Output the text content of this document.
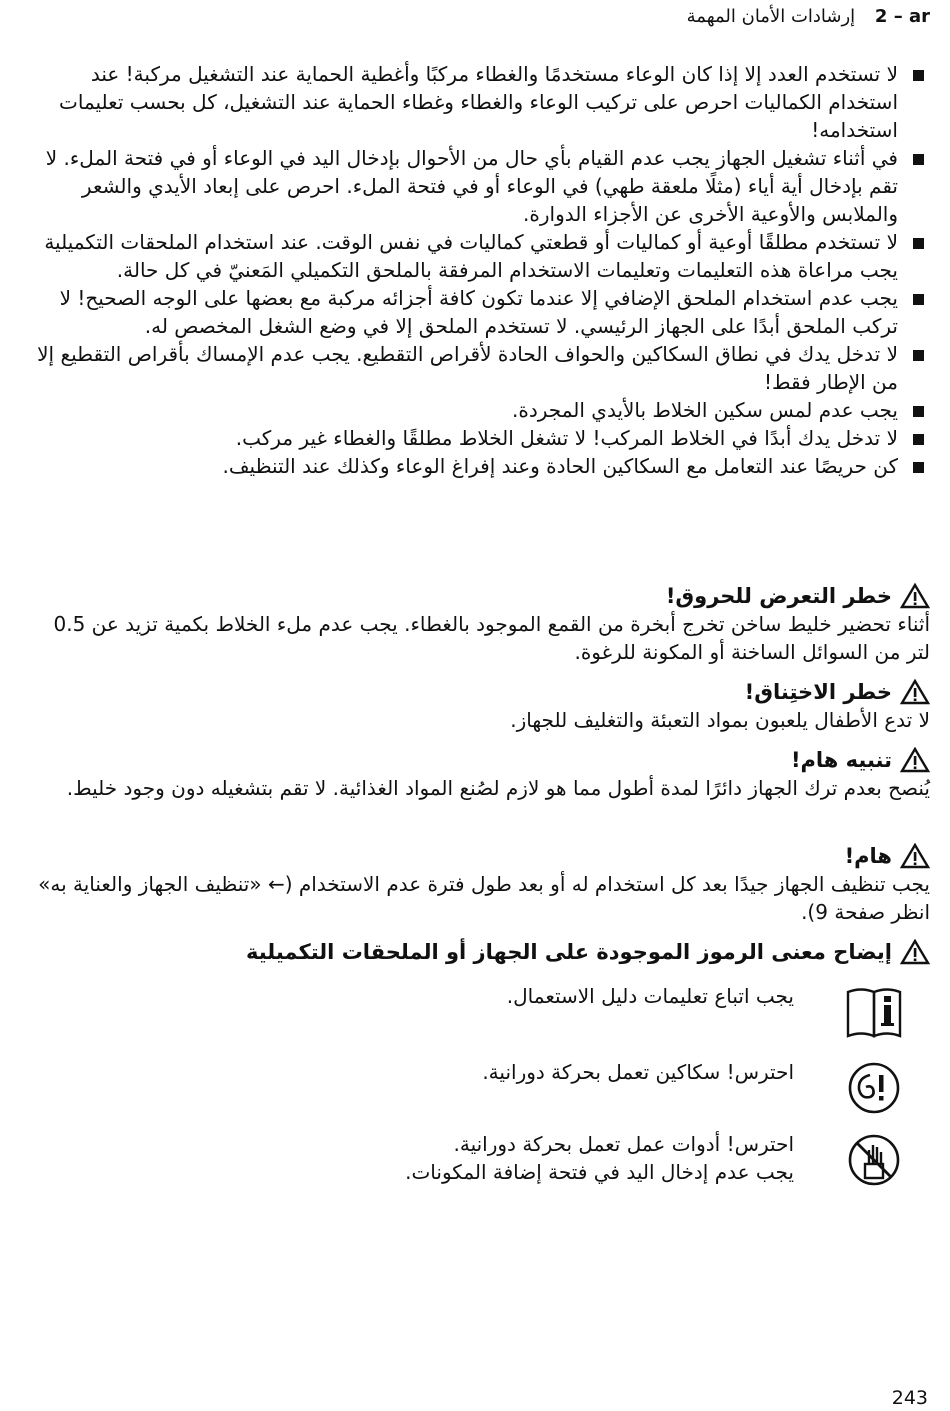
2 – ar إرشادات الأمان المهمة
لا تستخدم العدد إلا إذا كان الوعاء مستخدمًا والغطاء مركبًا وأغطية الحماية عند التشغيل مركبة! عند استخدام الكماليات احرص على تركيب الوعاء والغطاء وغطاء الحماية عند التشغيل، كل بحسب تعليمات استخدامه!
في أثناء تشغيل الجهاز يجب عدم القيام بأي حال من الأحوال بإدخال اليد في الوعاء أو في فتحة الملء. لا تقم بإدخال أية أياء (مثلًا ملعقة طهي) في الوعاء أو في فتحة الملء. احرص على إبعاد الأيدي والشعر والملابس والأوعية الأخرى عن الأجزاء الدوارة.
لا تستخدم مطلقًا أوعية أو كماليات أو قطعتي كماليات في نفس الوقت. عند استخدام الملحقات التكميلية يجب مراعاة هذه التعليمات وتعليمات الاستخدام المرفقة بالملحق التكميلي المَعنيّ في كل حالة.
يجب عدم استخدام الملحق الإضافي إلا عندما تكون كافة أجزائه مركبة مع بعضها على الوجه الصحيح! لا تركب الملحق أبدًا على الجهاز الرئيسي. لا تستخدم الملحق إلا في وضع الشغل المخصص له.
لا تدخل يدك في نطاق السكاكين والحواف الحادة لأقراص التقطيع. يجب عدم الإمساك بأقراص التقطيع إلا من الإطار فقط!
يجب عدم لمس سكين الخلاط بالأيدي المجردة.
لا تدخل يدك أبدًا في الخلاط المركب! لا تشغل الخلاط مطلقًا والغطاء غير مركب.
كن حريصًا عند التعامل مع السكاكين الحادة وعند إفراغ الوعاء وكذلك عند التنظيف.
خطر التعرض للحروق!

أثناء تحضير خليط ساخن تخرج أبخرة من القمع الموجود بالغطاء. يجب عدم ملء الخلاط بكمية تزيد عن 0.5 لتر من السوائل الساخنة أو المكونة للرغوة.

خطر الاختِناق!

لا تدع الأطفال يلعبون بمواد التعبئة والتغليف للجهاز.

تنبيه هام!

يُنصح بعدم ترك الجهاز دائرًا لمدة أطول مما هو لازم لصُنع المواد الغذائية. لا تقم بتشغيله دون وجود خليط.

هام!

يجب تنظيف الجهاز جيدًا بعد كل استخدام له أو بعد طول فترة عدم الاستخدام (← «تنظيف الجهاز والعناية به» انظر صفحة 9).

إيضاح معنى الرموز الموجودة على الجهاز أو الملحقات التكميلية
يجب اتباع تعليمات دليل الاستعمال.
احترس! سكاكين تعمل بحركة دورانية.
احترس! أدوات عمل تعمل بحركة دورانية.
يجب عدم إدخال اليد في فتحة إضافة المكونات.
243
